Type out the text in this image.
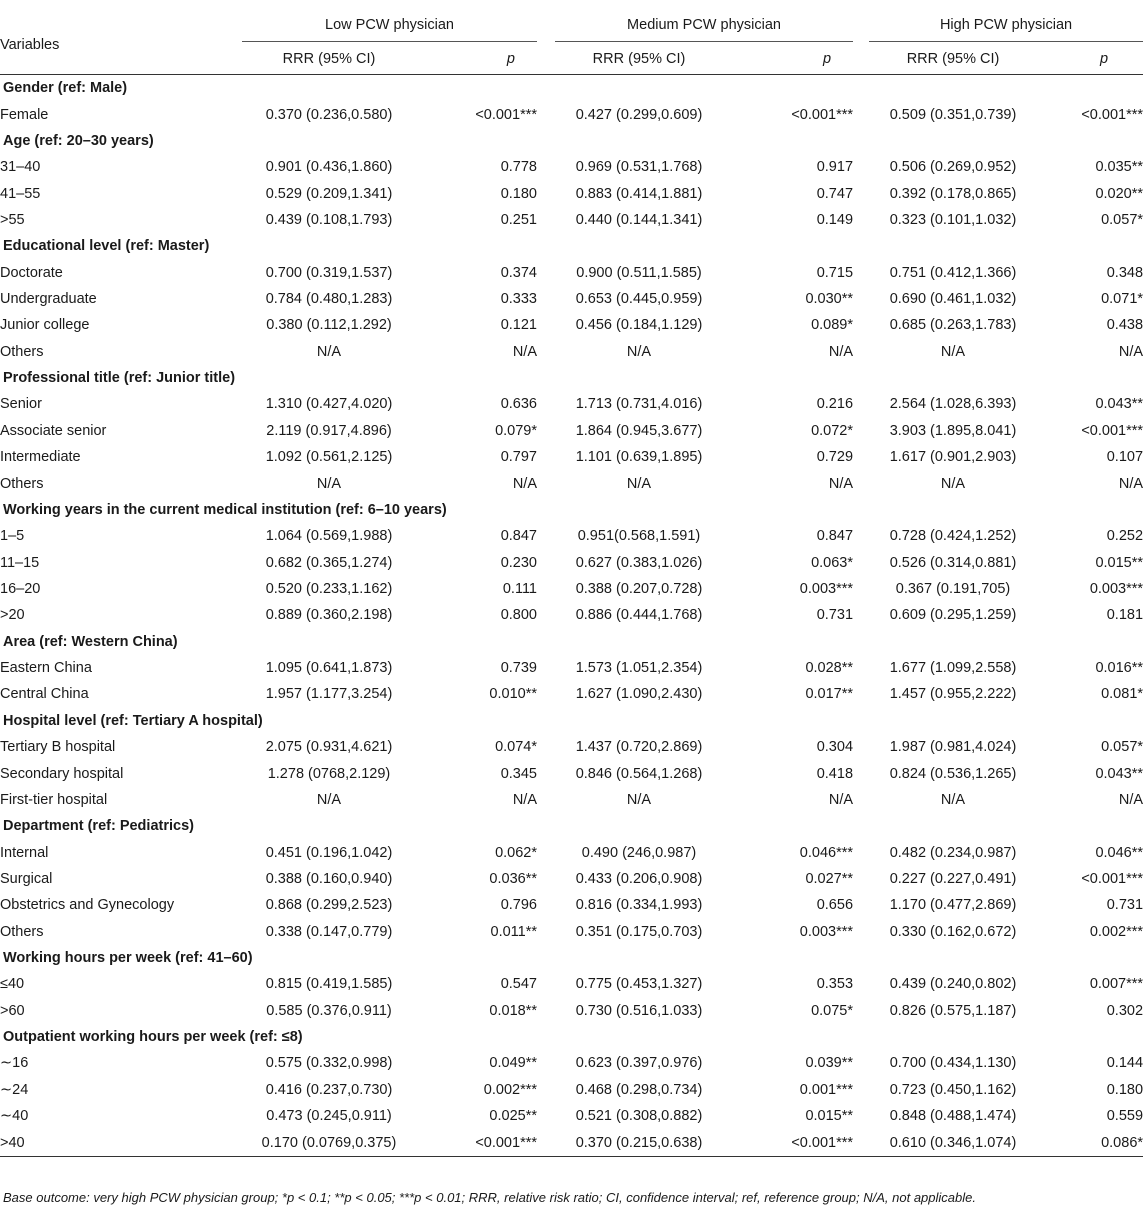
	Low PCW physician			Medium PCW physician			High PCW physician	

Variables	RRR (95% CI)	p		RRR (95% CI)	p		RRR (95% CI)	p
Gender (ref: Male)								
Female	0.370 (0.236,0.580)	<0.001***		0.427 (0.299,0.609)	<0.001***		0.509 (0.351,0.739)	<0.001***
Age (ref: 20–30 years)								
31–40	0.901 (0.436,1.860)	0.778		0.969 (0.531,1.768)	0.917		0.506 (0.269,0.952)	0.035**
41–55	0.529 (0.209,1.341)	0.180		0.883 (0.414,1.881)	0.747		0.392 (0.178,0.865)	0.020**
>55	0.439 (0.108,1.793)	0.251		0.440 (0.144,1.341)	0.149		0.323 (0.101,1.032)	0.057*
Educational level (ref: Master)								
Doctorate	0.700 (0.319,1.537)	0.374		0.900 (0.511,1.585)	0.715		0.751 (0.412,1.366)	0.348
Undergraduate	0.784 (0.480,1.283)	0.333		0.653 (0.445,0.959)	0.030**		0.690 (0.461,1.032)	0.071*
Junior college	0.380 (0.112,1.292)	0.121		0.456 (0.184,1.129)	0.089*		0.685 (0.263,1.783)	0.438
Others	N/A	N/A		N/A	N/A		N/A	N/A
Professional title (ref: Junior title)								
Senior	1.310 (0.427,4.020)	0.636		1.713 (0.731,4.016)	0.216		2.564 (1.028,6.393)	0.043**
Associate senior	2.119 (0.917,4.896)	0.079*		1.864 (0.945,3.677)	0.072*		3.903 (1.895,8.041)	<0.001***
Intermediate	1.092 (0.561,2.125)	0.797		1.101 (0.639,1.895)	0.729		1.617 (0.901,2.903)	0.107
Others	N/A	N/A		N/A	N/A		N/A	N/A
Working years in the current medical institution (ref: 6–10 years)								
1–5	1.064 (0.569,1.988)	0.847		0.951(0.568,1.591)	0.847		0.728 (0.424,1.252)	0.252
11–15	0.682 (0.365,1.274)	0.230		0.627 (0.383,1.026)	0.063*		0.526 (0.314,0.881)	0.015**
16–20	0.520 (0.233,1.162)	0.111		0.388 (0.207,0.728)	0.003***		0.367 (0.191,705)	0.003***
>20	0.889 (0.360,2.198)	0.800		0.886 (0.444,1.768)	0.731		0.609 (0.295,1.259)	0.181
Area (ref: Western China)								
Eastern China	1.095 (0.641,1.873)	0.739		1.573 (1.051,2.354)	0.028**		1.677 (1.099,2.558)	0.016**
Central China	1.957 (1.177,3.254)	0.010**		1.627 (1.090,2.430)	0.017**		1.457 (0.955,2.222)	0.081*
Hospital level (ref: Tertiary A hospital)								
Tertiary B hospital	2.075 (0.931,4.621)	0.074*		1.437 (0.720,2.869)	0.304		1.987 (0.981,4.024)	0.057*
Secondary hospital	1.278 (0768,2.129)	0.345		0.846 (0.564,1.268)	0.418		0.824 (0.536,1.265)	0.043**
First-tier hospital	N/A	N/A		N/A	N/A		N/A	N/A
Department (ref: Pediatrics)								
Internal	0.451 (0.196,1.042)	0.062*		0.490 (246,0.987)	0.046***		0.482 (0.234,0.987)	0.046**
Surgical	0.388 (0.160,0.940)	0.036**		0.433 (0.206,0.908)	0.027**		0.227 (0.227,0.491)	<0.001***
Obstetrics and Gynecology	0.868 (0.299,2.523)	0.796		0.816 (0.334,1.993)	0.656		1.170 (0.477,2.869)	0.731
Others	0.338 (0.147,0.779)	0.011**		0.351 (0.175,0.703)	0.003***		0.330 (0.162,0.672)	0.002***
Working hours per week (ref: 41–60)								
≤40	0.815 (0.419,1.585)	0.547		0.775 (0.453,1.327)	0.353		0.439 (0.240,0.802)	0.007***
>60	0.585 (0.376,0.911)	0.018**		0.730 (0.516,1.033)	0.075*		0.826 (0.575,1.187)	0.302
Outpatient working hours per week (ref: ≤8)								
∼16	0.575 (0.332,0.998)	0.049**		0.623 (0.397,0.976)	0.039**		0.700 (0.434,1.130)	0.144
∼24	0.416 (0.237,0.730)	0.002***		0.468 (0.298,0.734)	0.001***		0.723 (0.450,1.162)	0.180
∼40	0.473 (0.245,0.911)	0.025**		0.521 (0.308,0.882)	0.015**		0.848 (0.488,1.474)	0.559
>40	0.170 (0.0769,0.375)	<0.001***		0.370 (0.215,0.638)	<0.001***		0.610 (0.346,1.074)	0.086*
Base outcome: very high PCW physician group; *p < 0.1; **p < 0.05; ***p < 0.01; RRR, relative risk ratio; CI, confidence interval; ref, reference group; N/A, not applicable.
